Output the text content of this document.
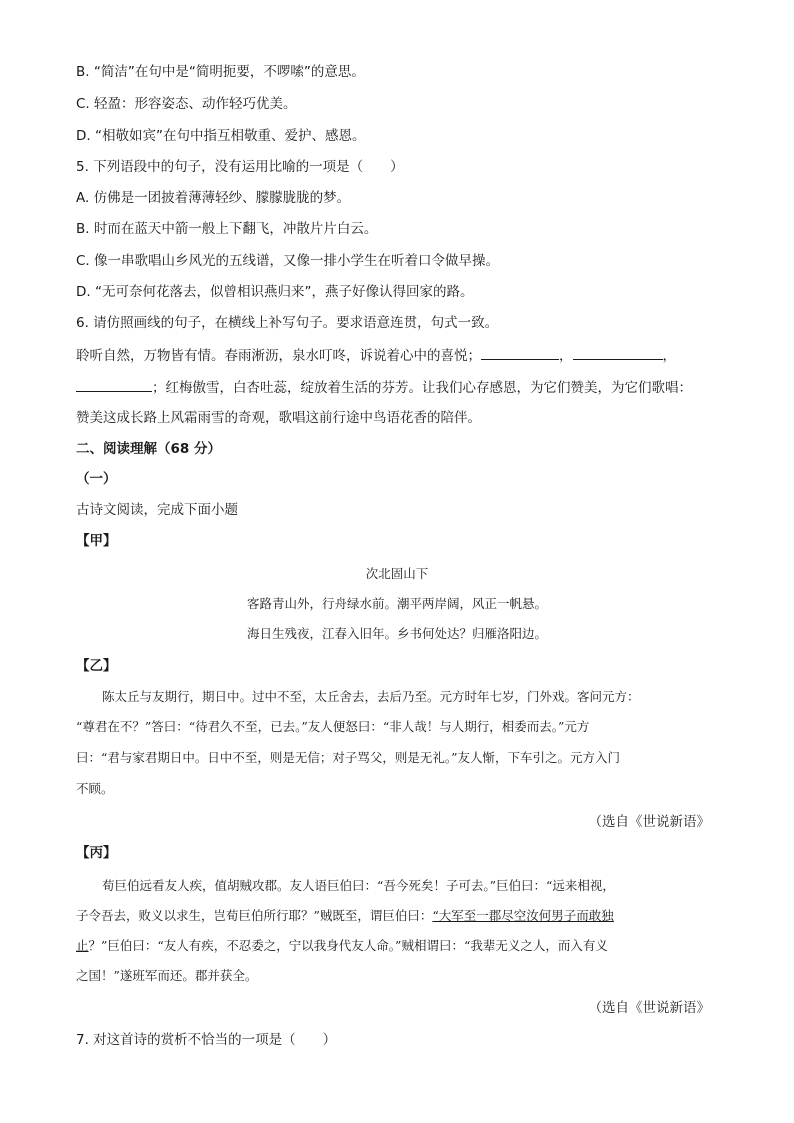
B. “简洁”在句中是“简明扼要，不啰嗦”的意思。
C. 轻盈：形容姿态、动作轻巧优美。
D. “相敬如宾”在句中指互相敬重、爱护、感恩。
5. 下列语段中的句子，没有运用比喻的一项是（　　）
A. 仿佛是一团披着薄薄轻纱、朦朦胧胧的梦。
B. 时而在蓝天中箭一般上下翻飞，冲散片片白云。
C. 像一串歌唱山乡风光的五线谱，又像一排小学生在听着口令做早操。
D. “无可奈何花落去，似曾相识燕归来”，燕子好像认得回家的路。
6. 请仿照画线的句子，在横线上补写句子。要求语意连贯，句式一致。
聆听自然，万物皆有情。春雨淅沥，泉水叮咚，诉说着心中的喜悦；	，	，
；红梅傲雪，白杏吐蕊，绽放着生活的芬芳。让我们心存感恩，为它们赞美，为它们歌唱：
赞美这成长路上风霜雨雪的奇观，歌唱这前行途中鸟语花香的陪伴。
二、阅读理解（68 分）
（一）
古诗文阅读，完成下面小题
【甲】
次北固山下
客路青山外，行舟绿水前。潮平两岸阔，风正一帆悬。
海日生残夜，江春入旧年。乡书何处达？归雁洛阳边。
【乙】
陈太丘与友期行，期日中。过中不至，太丘舍去，去后乃至。元方时年七岁，门外戏。客问元方：
“尊君在不？”答曰：“待君久不至，已去。”友人便怒曰：“非人哉！与人期行，相委而去。”元方
曰：“君与家君期日中。日中不至，则是无信；对子骂父，则是无礼。”友人惭，下车引之。元方入门
不顾。
（选自《世说新语》
【丙】
荀巨伯远看友人疾，值胡贼攻郡。友人语巨伯曰：“吾今死矣！子可去。”巨伯曰：“远来相视，
子令吾去，败义以求生，岂荀巨伯所行耶？”贼既至，谓巨伯曰：“大军至一郡尽空汝何男子而敢独
止？”巨伯曰：“友人有疾，不忍委之，宁以我身代友人命。”贼相谓曰：“我辈无义之人，而入有义
之国！”遂班军而还。郡并获全。
（选自《世说新语》
7. 对这首诗的赏析不恰当的一项是（　　）
